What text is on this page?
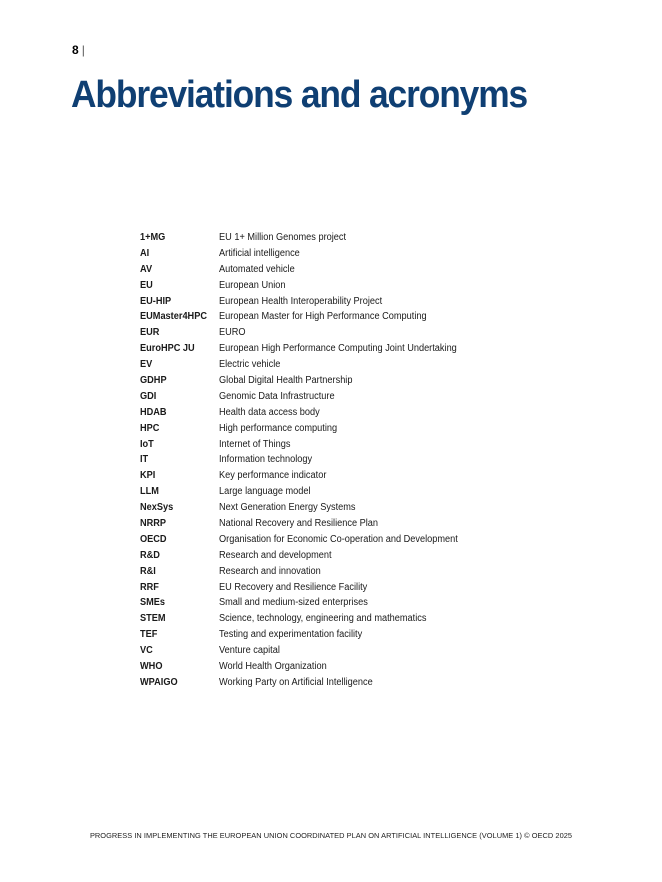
8 |
Abbreviations and acronyms
1+MG	EU 1+ Million Genomes project
AI	Artificial intelligence
AV	Automated vehicle
EU	European Union
EU-HIP	European Health Interoperability Project
EUMaster4HPC	European Master for High Performance Computing
EUR	EURO
EuroHPC JU	European High Performance Computing Joint Undertaking
EV	Electric vehicle
GDHP	Global Digital Health Partnership
GDI	Genomic Data Infrastructure
HDAB	Health data access body
HPC	High performance computing
IoT	Internet of Things
IT	Information technology
KPI	Key performance indicator
LLM	Large language model
NexSys	Next Generation Energy Systems
NRRP	National Recovery and Resilience Plan
OECD	Organisation for Economic Co-operation and Development
R&D	Research and development
R&I	Research and innovation
RRF	EU Recovery and Resilience Facility
SMEs	Small and medium-sized enterprises
STEM	Science, technology, engineering and mathematics
TEF	Testing and experimentation facility
VC	Venture capital
WHO	World Health Organization
WPAIGO	Working Party on Artificial Intelligence
PROGRESS IN IMPLEMENTING THE EUROPEAN UNION COORDINATED PLAN ON ARTIFICIAL INTELLIGENCE (VOLUME 1) © OECD 2025
